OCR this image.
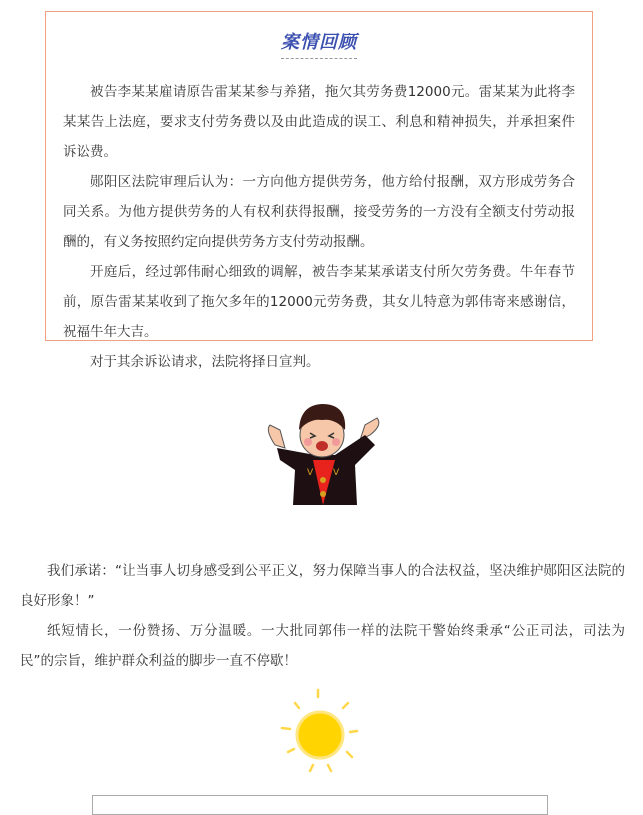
案情回顾

被告李某某雇请原告雷某某参与养猪，拖欠其劳务费12000元。雷某某为此将李某某告上法庭，要求支付劳务费以及由此造成的误工、利息和精神损失，并承担案件诉讼费。

郧阳区法院审理后认为：一方向他方提供劳务，他方给付报酬，双方形成劳务合同关系。为他方提供劳务的人有权利获得报酬，接受劳务的一方没有全额支付劳动报酬的，有义务按照约定向提供劳务方支付劳动报酬。

开庭后，经过郭伟耐心细致的调解，被告李某某承诺支付所欠劳务费。牛年春节前，原告雷某某收到了拖欠多年的12000元劳务费，其女儿特意为郭伟寄来感谢信，祝福牛年大吉。

对于其余诉讼请求，法院将择日宣判。

V V

我们承诺：“让当事人切身感受到公平正义，努力保障当事人的合法权益，坚决维护郧阳区法院的良好形象！”

纸短情长，一份赞扬、万分温暖。一大批同郭伟一样的法院干警始终秉承“公正司法，司法为民”的宗旨，维护群众利益的脚步一直不停歇！
